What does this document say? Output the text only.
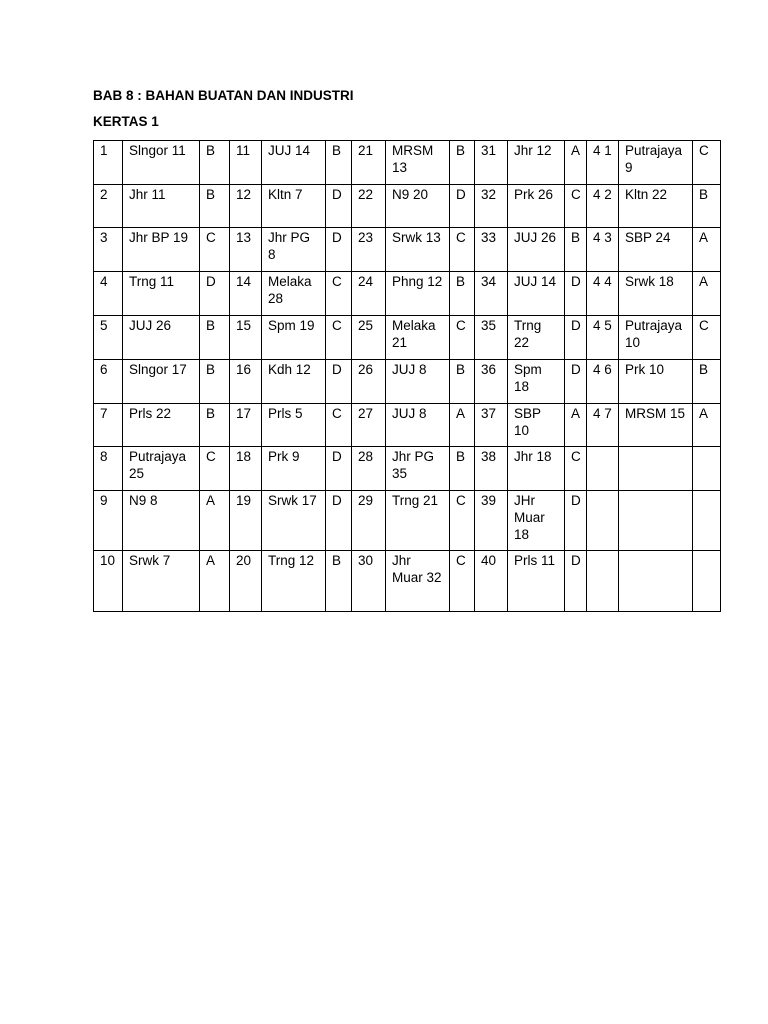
BAB 8 : BAHAN BUATAN DAN INDUSTRI
KERTAS 1
1	Slngor 11	B	11	JUJ 14	B	21	MRSM 13	B	31	Jhr 12	A	4 1	Putrajaya 9	C
2	Jhr 11	B	12	Kltn 7	D	22	N9 20	D	32	Prk 26	C	4 2	Kltn 22	B
3	Jhr BP 19	C	13	Jhr PG 8	D	23	Srwk 13	C	33	JUJ 26	B	4 3	SBP 24	A
4	Trng 11	D	14	Melaka 28	C	24	Phng 12	B	34	JUJ 14	D	4 4	Srwk 18	A
5	JUJ 26	B	15	Spm 19	C	25	Melaka 21	C	35	Trng 22	D	4 5	Putrajaya 10	C
6	Slngor 17	B	16	Kdh 12	D	26	JUJ 8	B	36	Spm 18	D	4 6	Prk 10	B
7	Prls 22	B	17	Prls 5	C	27	JUJ 8	A	37	SBP 10	A	4 7	MRSM 15	A
8	Putrajaya 25	C	18	Prk 9	D	28	Jhr PG 35	B	38	Jhr 18	C			
9	N9 8	A	19	Srwk 17	D	29	Trng 21	C	39	JHr Muar 18	D			
10	Srwk 7	A	20	Trng 12	B	30	Jhr Muar 32	C	40	Prls 11	D			
